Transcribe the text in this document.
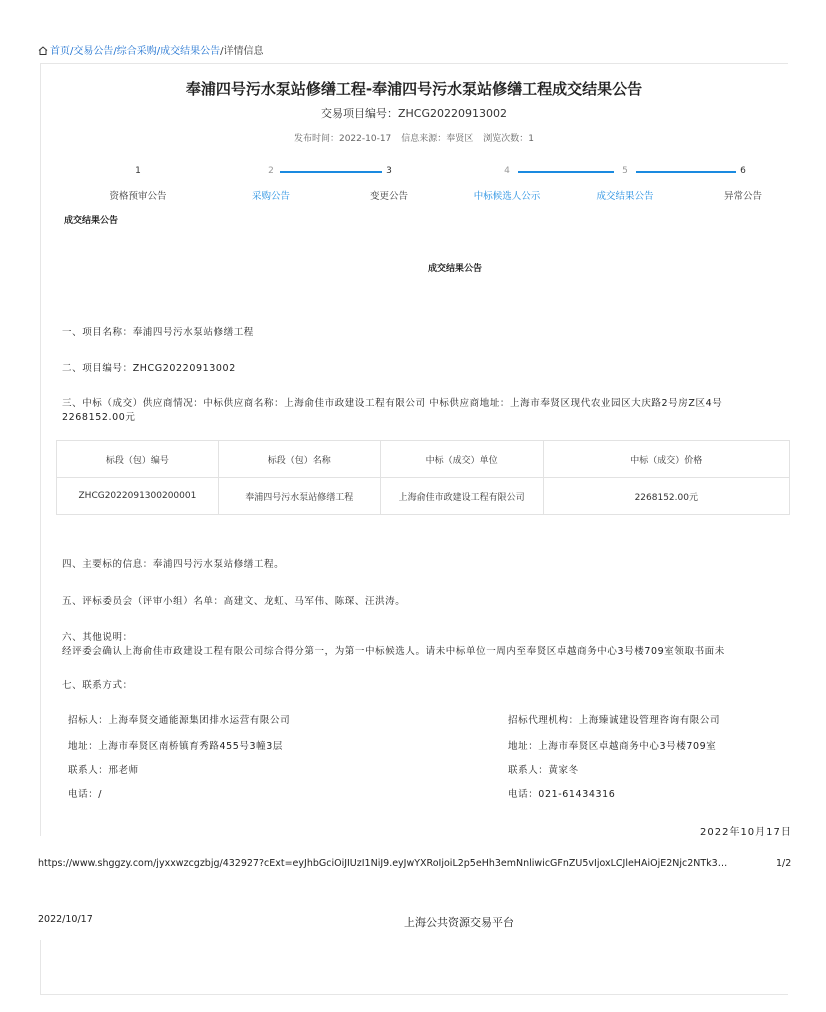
首页/交易公告/综合采购/成交结果公告/详情信息
奉浦四号污水泵站修缮工程-奉浦四号污水泵站修缮工程成交结果公告
交易项目编号：ZHCG20220913002
发布时间：2022-10-17 信息来源：奉贤区 浏览次数：1
1	2	3	4	5	6
资格预审公告	采购公告	变更公告	中标候选人公示	成交结果公告	异常公告
成交结果公告
成交结果公告
一、项目名称：奉浦四号污水泵站修缮工程
二、项目编号：ZHCG20220913002
三、中标（成交）供应商情况：中标供应商名称：上海俞佳市政建设工程有限公司 中标供应商地址：上海市奉贤区现代农业园区大庆路2号房Z区4号
2268152.00元
标段（包）编号	标段（包）名称	中标（成交）单位	中标（成交）价格
ZHCG2022091300200001	奉浦四号污水泵站修缮工程	上海俞佳市政建设工程有限公司	2268152.00元
四、主要标的信息：奉浦四号污水泵站修缮工程。
五、评标委员会（评审小组）名单：高建文、龙虹、马军伟、陈琛、汪洪涛。
六、其他说明：
经评委会确认上海俞佳市政建设工程有限公司综合得分第一，为第一中标候选人。请未中标单位一周内至奉贤区卓越商务中心3号楼709室领取书面未
七、联系方式：
招标人：上海奉贤交通能源集团排水运营有限公司
地址：上海市奉贤区南桥镇育秀路455号3幢3层
联系人：邢老师
电话：/
招标代理机构：上海臻诚建设管理咨询有限公司
地址：上海市奉贤区卓越商务中心3号楼709室
联系人：黄家冬
电话：021-61434316
2022年10月17日
https://www.shggzy.com/jyxxwzcgzbjg/432927?cExt=eyJhbGciOiJIUzI1NiJ9.eyJwYXRoIjoiL2p5eHh3emNnliwicGFnZU5vIjoxLCJleHAiOjE2Njc2NTk3…	1/2
2022/10/17	上海公共资源交易平台
